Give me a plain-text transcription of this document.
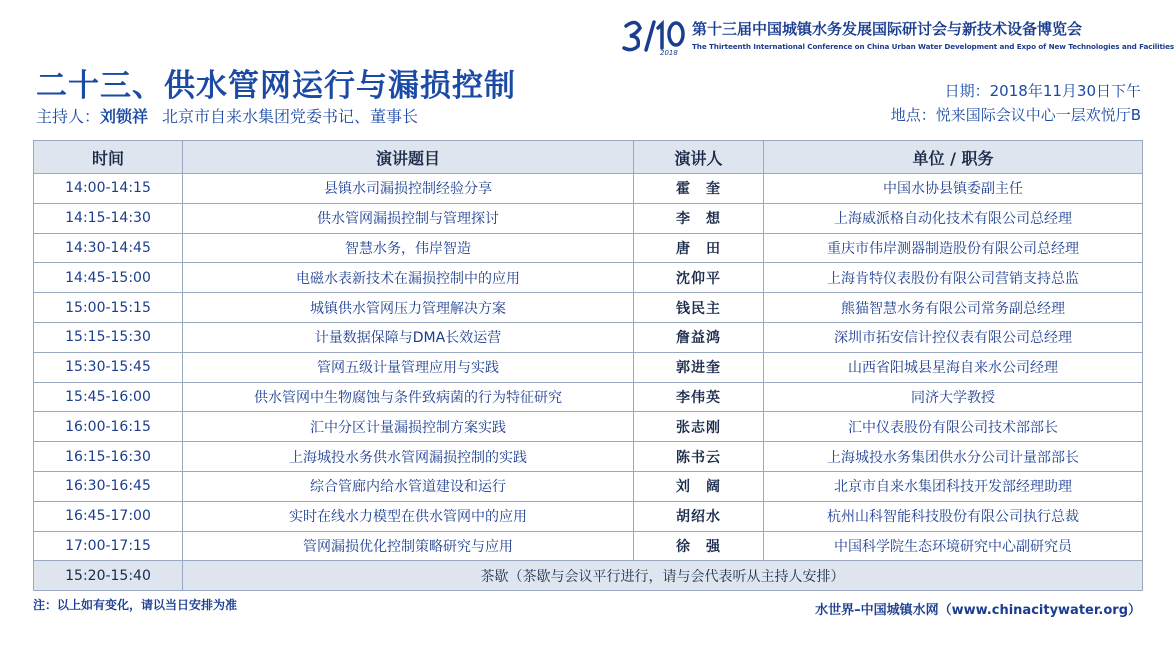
2018
第十三届中国城镇水务发展国际研讨会与新技术设备博览会
The Thirteenth International Conference on China Urban Water Development and Expo of New Technologies and Facilities
二十三、供水管网运行与漏损控制
主持人：刘锁祥 北京市自来水集团党委书记、董事长
日期：2018年11月30日下午
地点：悦来国际会议中心一层欢悦厅B
时间	演讲题目	演讲人	单位 / 职务
14:00-14:15	县镇水司漏损控制经验分享	霍　奎	中国水协县镇委副主任
14:15-14:30	供水管网漏损控制与管理探讨	李　想	上海威派格自动化技术有限公司总经理
14:30-14:45	智慧水务，伟岸智造	唐　田	重庆市伟岸测器制造股份有限公司总经理
14:45-15:00	电磁水表新技术在漏损控制中的应用	沈仰平	上海肯特仪表股份有限公司营销支持总监
15:00-15:15	城镇供水管网压力管理解决方案	钱民主	熊猫智慧水务有限公司常务副总经理
15:15-15:30	计量数据保障与DMA长效运营	詹益鸿	深圳市拓安信计控仪表有限公司总经理
15:30-15:45	管网五级计量管理应用与实践	郭进奎	山西省阳城县星海自来水公司经理
15:45-16:00	供水管网中生物腐蚀与条件致病菌的行为特征研究	李伟英	同济大学教授
16:00-16:15	汇中分区计量漏损控制方案实践	张志刚	汇中仪表股份有限公司技术部部长
16:15-16:30	上海城投水务供水管网漏损控制的实践	陈书云	上海城投水务集团供水分公司计量部部长
16:30-16:45	综合管廊内给水管道建设和运行	刘　阔	北京市自来水集团科技开发部经理助理
16:45-17:00	实时在线水力模型在供水管网中的应用	胡绍水	杭州山科智能科技股份有限公司执行总裁
17:00-17:15	管网漏损优化控制策略研究与应用	徐　强	中国科学院生态环境研究中心副研究员
15:20-15:40	茶歇（茶歇与会议平行进行，请与会代表听从主持人安排）		
注：以上如有变化，请以当日安排为准	水世界–中国城镇水网（www.chinacitywater.org）
